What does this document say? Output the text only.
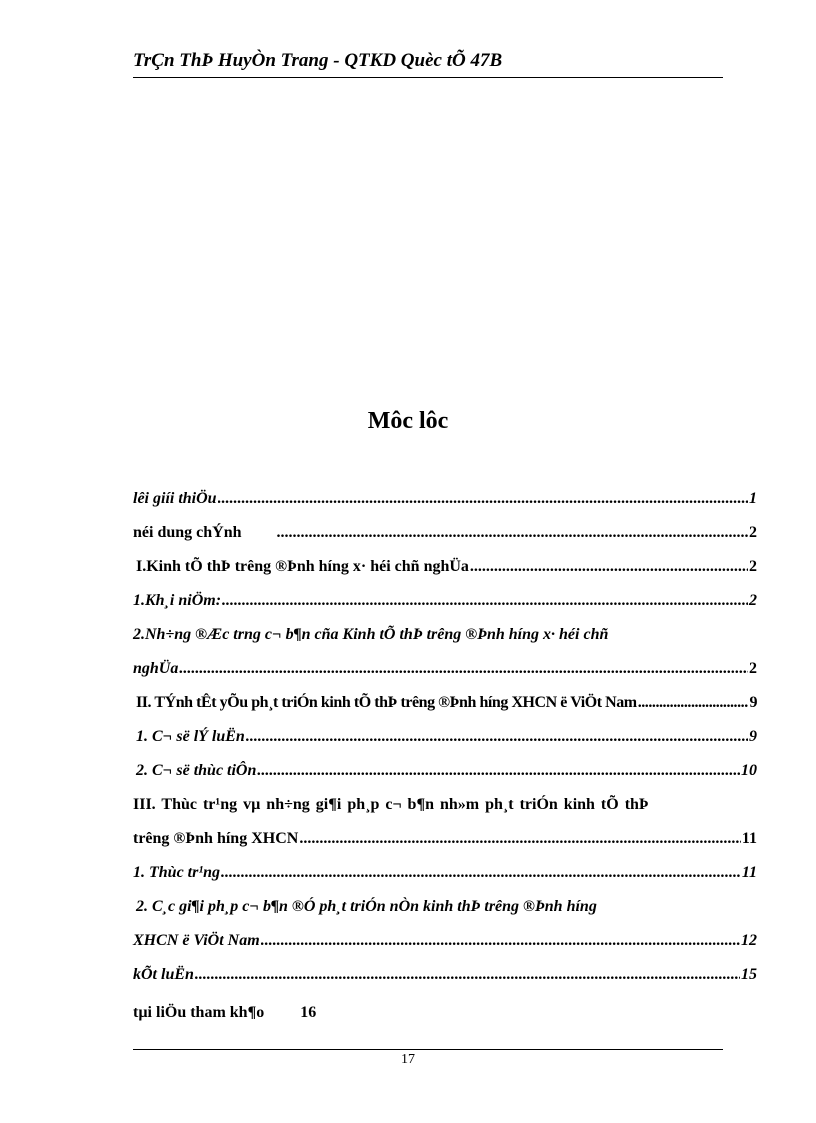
TrÇn ThÞ HuyÒn Trang - QTKD Quèc tÕ 47B
Môc lôc
lêi giíi thiÖu .....	1
néi dung chÝnh .....	2
I.Kinh tÕ thÞ trêng ®Þnh híng x· héi chñ nghÜa .....	2
1.Kh¸i niÖm: .....	2
2.Nh÷ng ®Æc trng c¬ b¶n cña Kinh tÕ thÞ trêng ®Þnh híng x· héi chñ
nghÜa .....	2
II. TÝnh tÊt yÕu ph¸t triÓn kinh tÕ thÞ trêng ®Þnh híng XHCN ë ViÖt Nam .....	9
1. C¬ së lÝ luËn .....	9
2. C¬ së thùc tiÔn .....	10
III. Thùc tr¹ng vµ nh÷ng gi¶i ph¸p c¬ b¶n nh»m ph¸t triÓn kinh tÕ thÞ
trêng ®Þnh híng XHCN .....	11
1. Thùc tr¹ng .....	11
2. C¸c gi¶i ph¸p c¬ b¶n ®Ó ph¸t triÓn nÒn kinh thÞ trêng ®Þnh híng
XHCN ë ViÖt Nam .....	12
kÕt luËn .....	15
tµi liÖu tham kh¶o 16
17
